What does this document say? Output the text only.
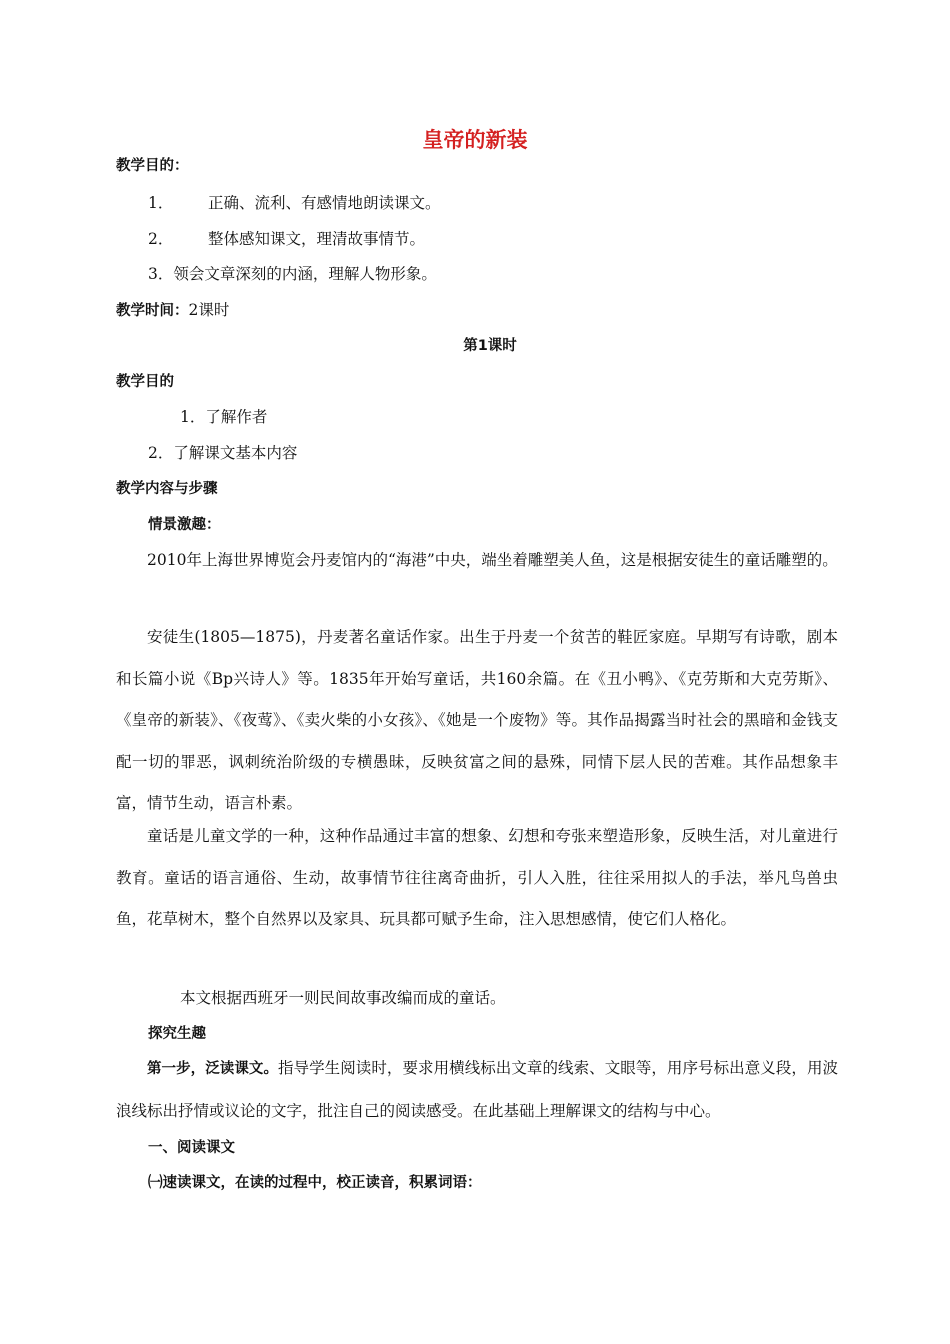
皇帝的新装
教学目的：
1． 正确、流利、有感情地朗读课文。
2． 整体感知课文，理清故事情节。
3．领会文章深刻的内涵，理解人物形象。
教学时间：2课时
第1课时
教学目的
1．了解作者
2．了解课文基本内容
教学内容与步骤
情景激趣：

2010年上海世界博览会丹麦馆内的“海港”中央，端坐着雕塑美人鱼，这是根据安徒生的童话雕塑的。

安徒生(1805—1875)，丹麦著名童话作家。出生于丹麦一个贫苦的鞋匠家庭。早期写有诗歌，剧本和长篇小说《Bp兴诗人》等。1835年开始写童话，共160余篇。在《丑小鸭》、《克劳斯和大克劳斯》、《皇帝的新装》、《夜莺》、《卖火柴的小女孩》、《她是一个废物》等。其作品揭露当时社会的黑暗和金钱支配一切的罪恶，讽刺统治阶级的专横愚昧，反映贫富之间的悬殊，同情下层人民的苦难。其作品想象丰富，情节生动，语言朴素。

童话是儿童文学的一种，这种作品通过丰富的想象、幻想和夸张来塑造形象，反映生活，对儿童进行教育。童话的语言通俗、生动，故事情节往往离奇曲折，引人入胜，往往采用拟人的手法，举凡鸟兽虫鱼，花草树木，整个自然界以及家具、玩具都可赋予生命，注入思想感情，使它们人格化。

本文根据西班牙一则民间故事改编而成的童话。
探究生趣

第一步，泛读课文。指导学生阅读时，要求用横线标出文章的线索、文眼等，用序号标出意义段，用波浪线标出抒情或议论的文字，批注自己的阅读感受。在此基础上理解课文的结构与中心。

一、阅读课文
㈠速读课文，在读的过程中，校正读音，积累词语：
